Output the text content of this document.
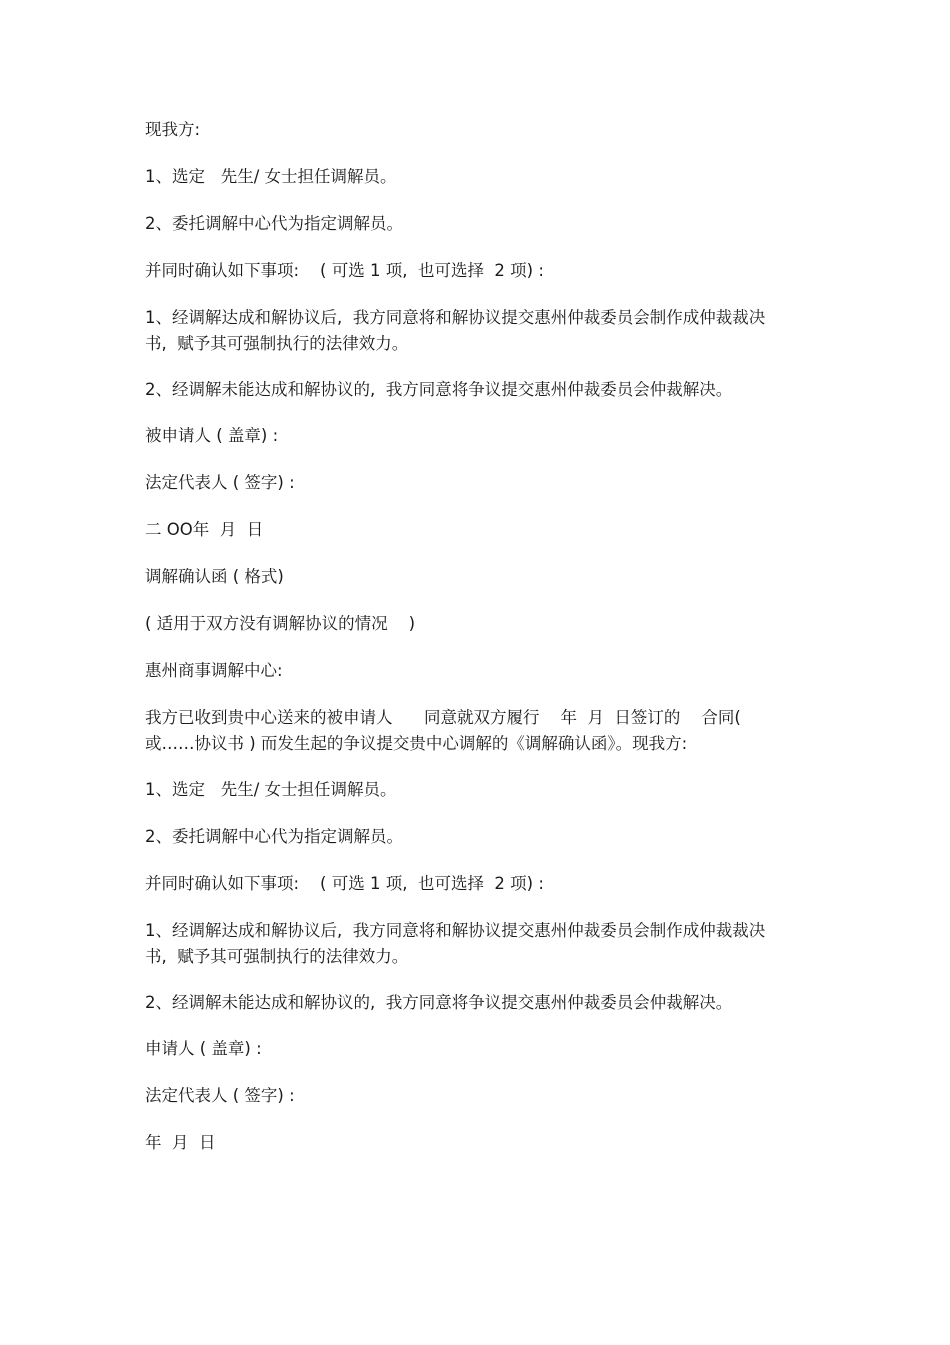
现我方:

1、选定   先生/ 女士担任调解员。

2、委托调解中心代为指定调解员。

并同时确认如下事项:    ( 可选 1 项,  也可选择  2 项) :

1、经调解达成和解协议后,  我方同意将和解协议提交惠州仲裁委员会制作成仲裁裁决书,  赋予其可强制执行的法律效力。

2、经调解未能达成和解协议的,  我方同意将争议提交惠州仲裁委员会仲裁解决。

被申请人 ( 盖章) :

法定代表人 ( 签字) :

二 OO年  月  日

调解确认函 ( 格式)

( 适用于双方没有调解协议的情况    )

惠州商事调解中心:

我方已收到贵中心送来的被申请人      同意就双方履行    年  月  日签订的    合同( 或……协议书 ) 而发生起的争议提交贵中心调解的《调解确认函》。现我方:

1、选定   先生/ 女士担任调解员。

2、委托调解中心代为指定调解员。

并同时确认如下事项:    ( 可选 1 项,  也可选择  2 项) :

1、经调解达成和解协议后,  我方同意将和解协议提交惠州仲裁委员会制作成仲裁裁决书,  赋予其可强制执行的法律效力。

2、经调解未能达成和解协议的,  我方同意将争议提交惠州仲裁委员会仲裁解决。

申请人 ( 盖章) :

法定代表人 ( 签字) :

年  月  日
